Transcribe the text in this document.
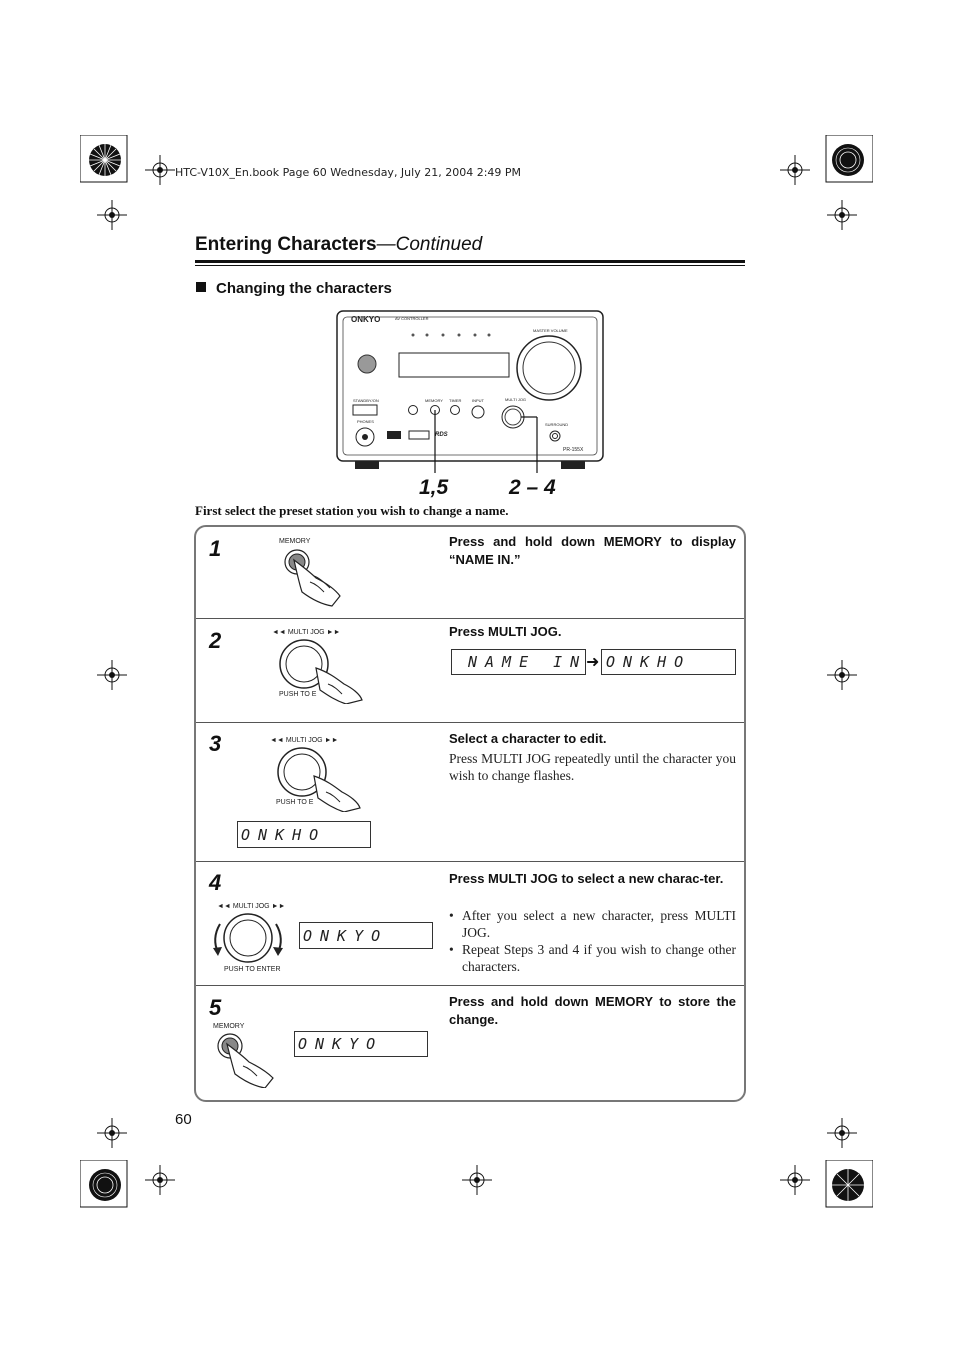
HTC-V10X_En.book Page 60 Wednesday, July 21, 2004 2:49 PM
Entering Characters—Continued
Changing the characters
ONKYO	AV CONTROLLER
MASTER VOLUME
MULTI JOG
SURROUND
PHONES
STANDBY/ON	TIMER	INPUT
MEMORY
RDS
PR-155X
1,5	2 – 4
First select the preset station you wish to change a name.
1	MEMORY	Press and hold down MEMORY to display “NAME IN.”
2	◄◄ MULTI JOG ►►
PUSH TO E
Press MULTI JOG.
NAME IN
➜ ONKHO
3	◄◄ MULTI JOG ►►
PUSH TO E
ONKHO
Select a character to edit.
Press MULTI JOG repeatedly until the character you wish to change flashes.
4
◄◄ MULTI JOG ►►
PUSH TO ENTER
ONKYO
Press MULTI JOG to select a new charac-ter.
• After you select a new character, press MULTI JOG.
• Repeat Steps 3 and 4 if you wish to change other characters.
5
MEMORY
ONKYO
Press and hold down MEMORY to store the change.
60
